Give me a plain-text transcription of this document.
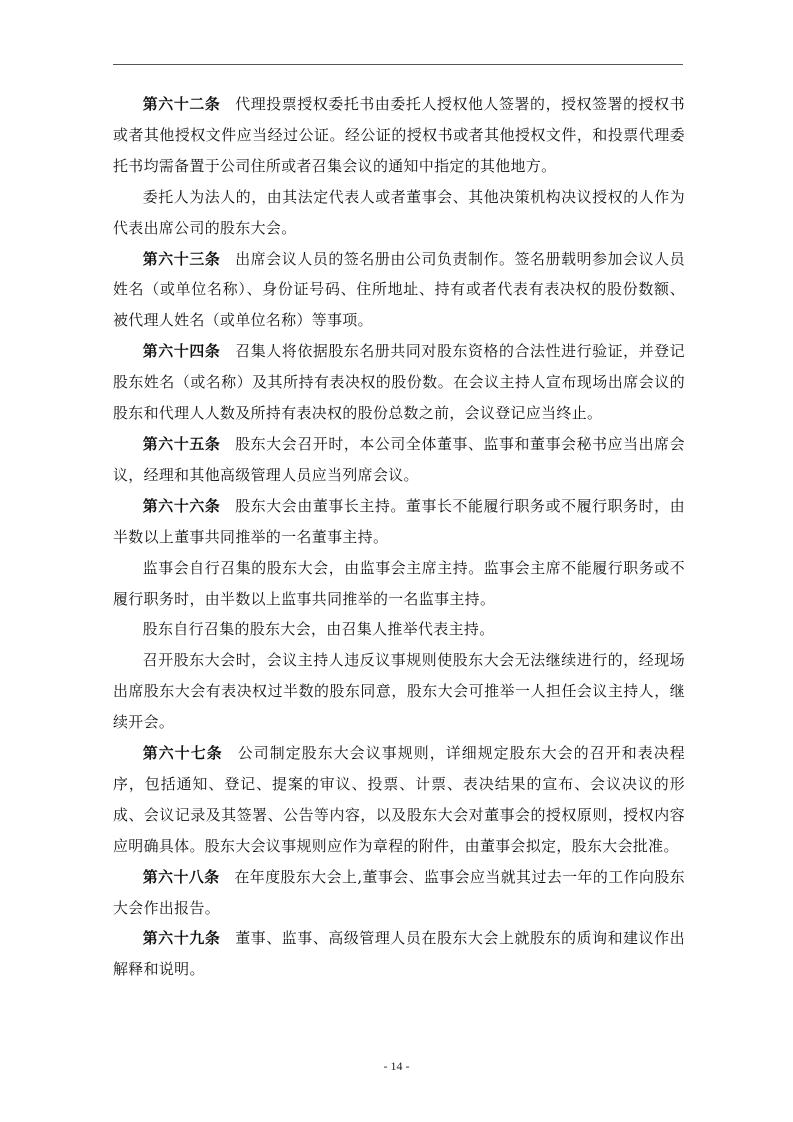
第六十二条 代理投票授权委托书由委托人授权他人签署的，授权签署的授权书或者其他授权文件应当经过公证。经公证的授权书或者其他授权文件，和投票代理委托书均需备置于公司住所或者召集会议的通知中指定的其他地方。

委托人为法人的，由其法定代表人或者董事会、其他决策机构决议授权的人作为代表出席公司的股东大会。

第六十三条 出席会议人员的签名册由公司负责制作。签名册载明参加会议人员姓名（或单位名称）、身份证号码、住所地址、持有或者代表有表决权的股份数额、被代理人姓名（或单位名称）等事项。

第六十四条 召集人将依据股东名册共同对股东资格的合法性进行验证，并登记股东姓名（或名称）及其所持有表决权的股份数。在会议主持人宣布现场出席会议的股东和代理人人数及所持有表决权的股份总数之前，会议登记应当终止。

第六十五条 股东大会召开时，本公司全体董事、监事和董事会秘书应当出席会议，经理和其他高级管理人员应当列席会议。

第六十六条 股东大会由董事长主持。董事长不能履行职务或不履行职务时，由半数以上董事共同推举的一名董事主持。

监事会自行召集的股东大会，由监事会主席主持。监事会主席不能履行职务或不履行职务时，由半数以上监事共同推举的一名监事主持。

股东自行召集的股东大会，由召集人推举代表主持。

召开股东大会时，会议主持人违反议事规则使股东大会无法继续进行的，经现场出席股东大会有表决权过半数的股东同意，股东大会可推举一人担任会议主持人，继续开会。

第六十七条 公司制定股东大会议事规则，详细规定股东大会的召开和表决程序，包括通知、登记、提案的审议、投票、计票、表决结果的宣布、会议决议的形成、会议记录及其签署、公告等内容，以及股东大会对董事会的授权原则，授权内容应明确具体。股东大会议事规则应作为章程的附件，由董事会拟定，股东大会批准。

第六十八条 在年度股东大会上,董事会、监事会应当就其过去一年的工作向股东大会作出报告。

第六十九条 董事、监事、高级管理人员在股东大会上就股东的质询和建议作出解释和说明。

- 14 -
